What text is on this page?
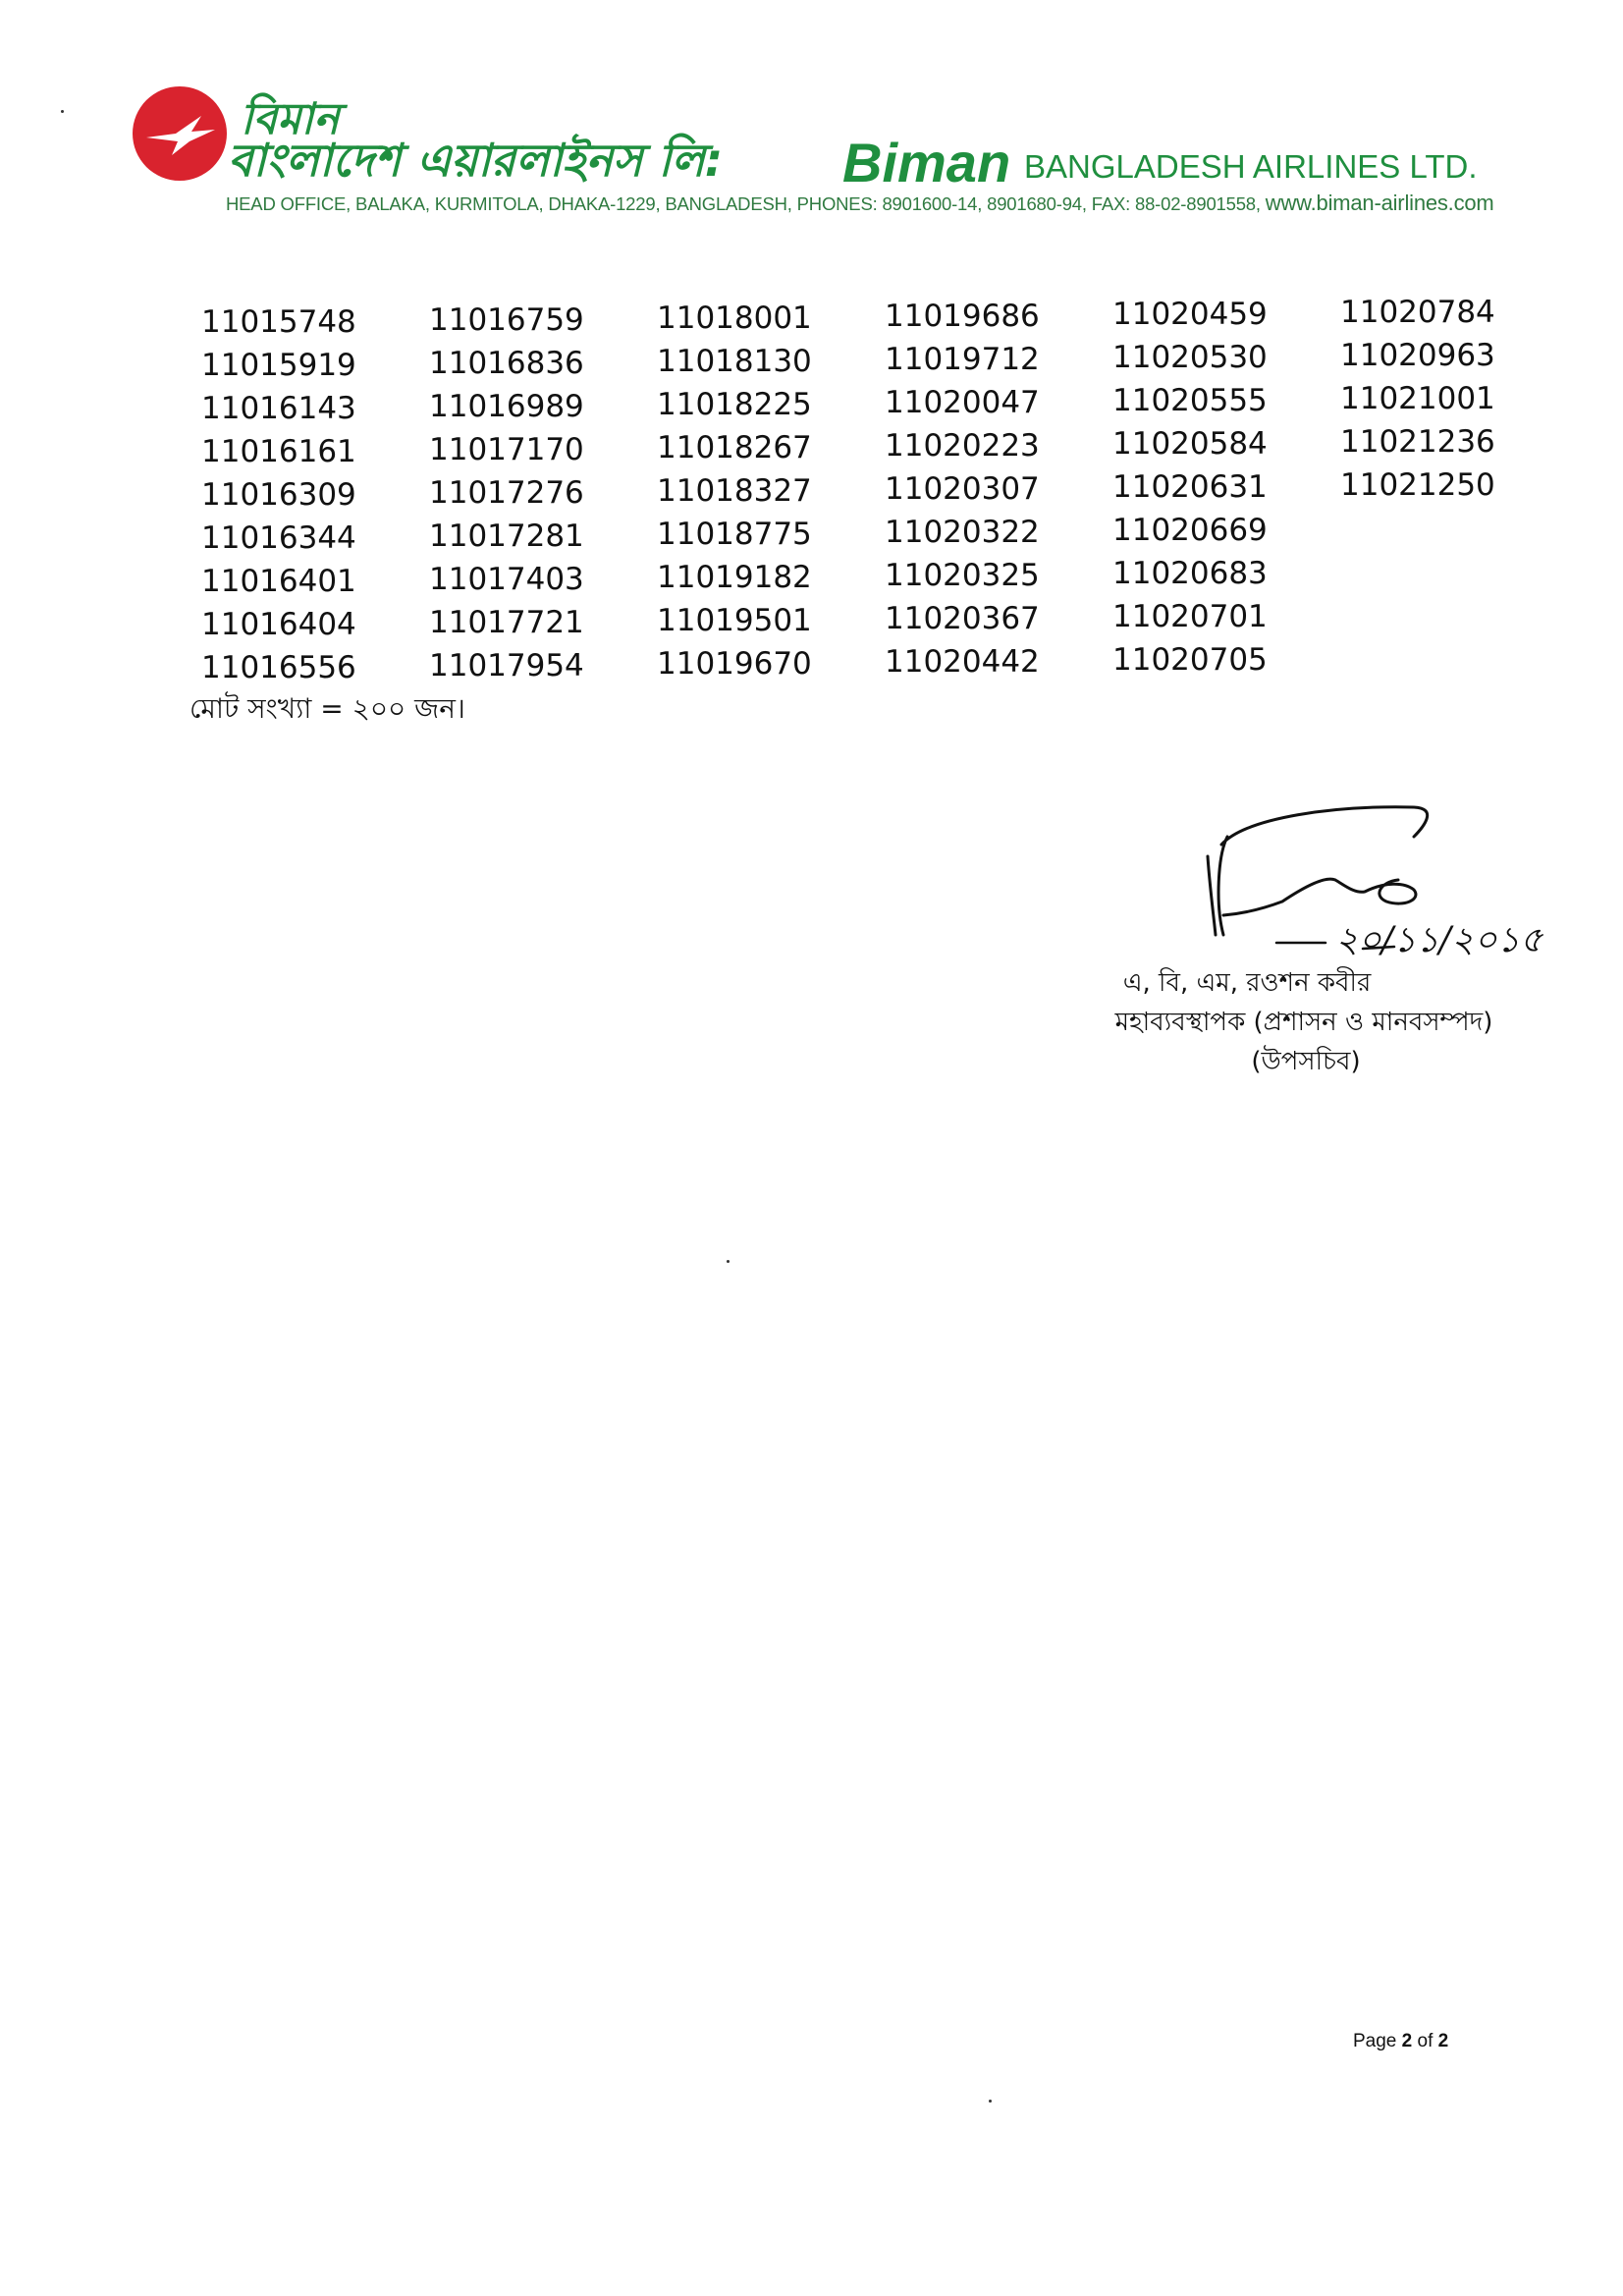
বিমান
বাংলাদেশ এয়ারলাইনস লি: Biman BANGLADESH AIRLINES LTD.
HEAD OFFICE, BALAKA, KURMITOLA, DHAKA-1229, BANGLADESH, PHONES: 8901600-14, 8901680-94, FAX: 88-02-8901558, www.biman-airlines.com
11015748
11015919
11016143
11016161
11016309
11016344
11016401
11016404
11016556
11016759
11016836
11016989
11017170
11017276
11017281
11017403
11017721
11017954
11018001
11018130
11018225
11018267
11018327
11018775
11019182
11019501
11019670
11019686
11019712
11020047
11020223
11020307
11020322
11020325
11020367
11020442
11020459
11020530
11020555
11020584
11020631
11020669
11020683
11020701
11020705
11020784
11020963
11021001
11021236
11021250
মোট সংখ্যা = ২০০ জন।
২০/১১/২০১৫
এ, বি, এম, রওশন কবীর
মহাব্যবস্থাপক (প্রশাসন ও মানবসম্পদ)
(উপসচিব)
Page 2 of 2
